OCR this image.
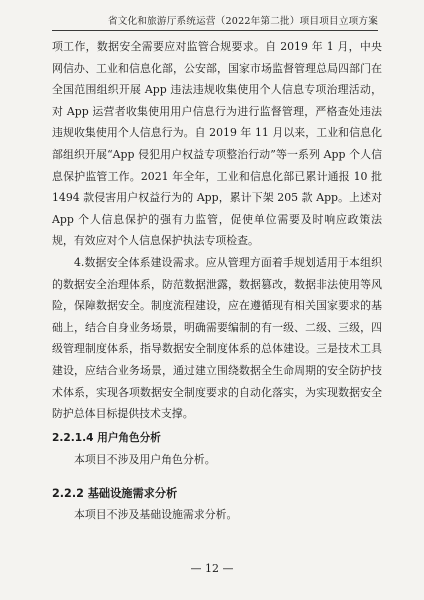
省文化和旅游厅系统运营（2022年第二批）项目项目立项方案

项工作，数据安全需要应对监管合规要求。自 2019 年 1 月，中央网信办、工业和信息化部，公安部，国家市场监督管理总局四部门在全国范围组织开展 App 违法违规收集使用个人信息专项治理活动，对 App 运营者收集使用用户信息行为进行监督管理，严格查处违法违规收集使用个人信息行为。自 2019 年 11 月以来，工业和信息化部组织开展“App 侵犯用户权益专项整治行动”等一系列 App 个人信息保护监管工作。2021 年全年，工业和信息化部已累计通报 10 批 1494 款侵害用户权益行为的 App，累计下架 205 款 App。上述对 App 个人信息保护的强有力监管，促使单位需要及时响应政策法规，有效应对个人信息保护执法专项检查。

4.数据安全体系建设需求。应从管理方面着手规划适用于本组织的数据安全治理体系，防范数据泄露，数据篡改，数据非法使用等风险，保障数据安全。制度流程建设，应在遵循现有相关国家要求的基础上，结合自身业务场景，明确需要编制的有一级、二级、三级，四级管理制度体系，指导数据安全制度体系的总体建设。三是技术工具建设，应结合业务场景，通过建立围绕数据全生命周期的安全防护技术体系，实现各项数据安全制度要求的自动化落实，为实现数据安全防护总体目标提供技术支撑。

2.2.1.4 用户角色分析

本项目不涉及用户角色分析。

2.2.2 基础设施需求分析

本项目不涉及基础设施需求分析。

— 12 —
